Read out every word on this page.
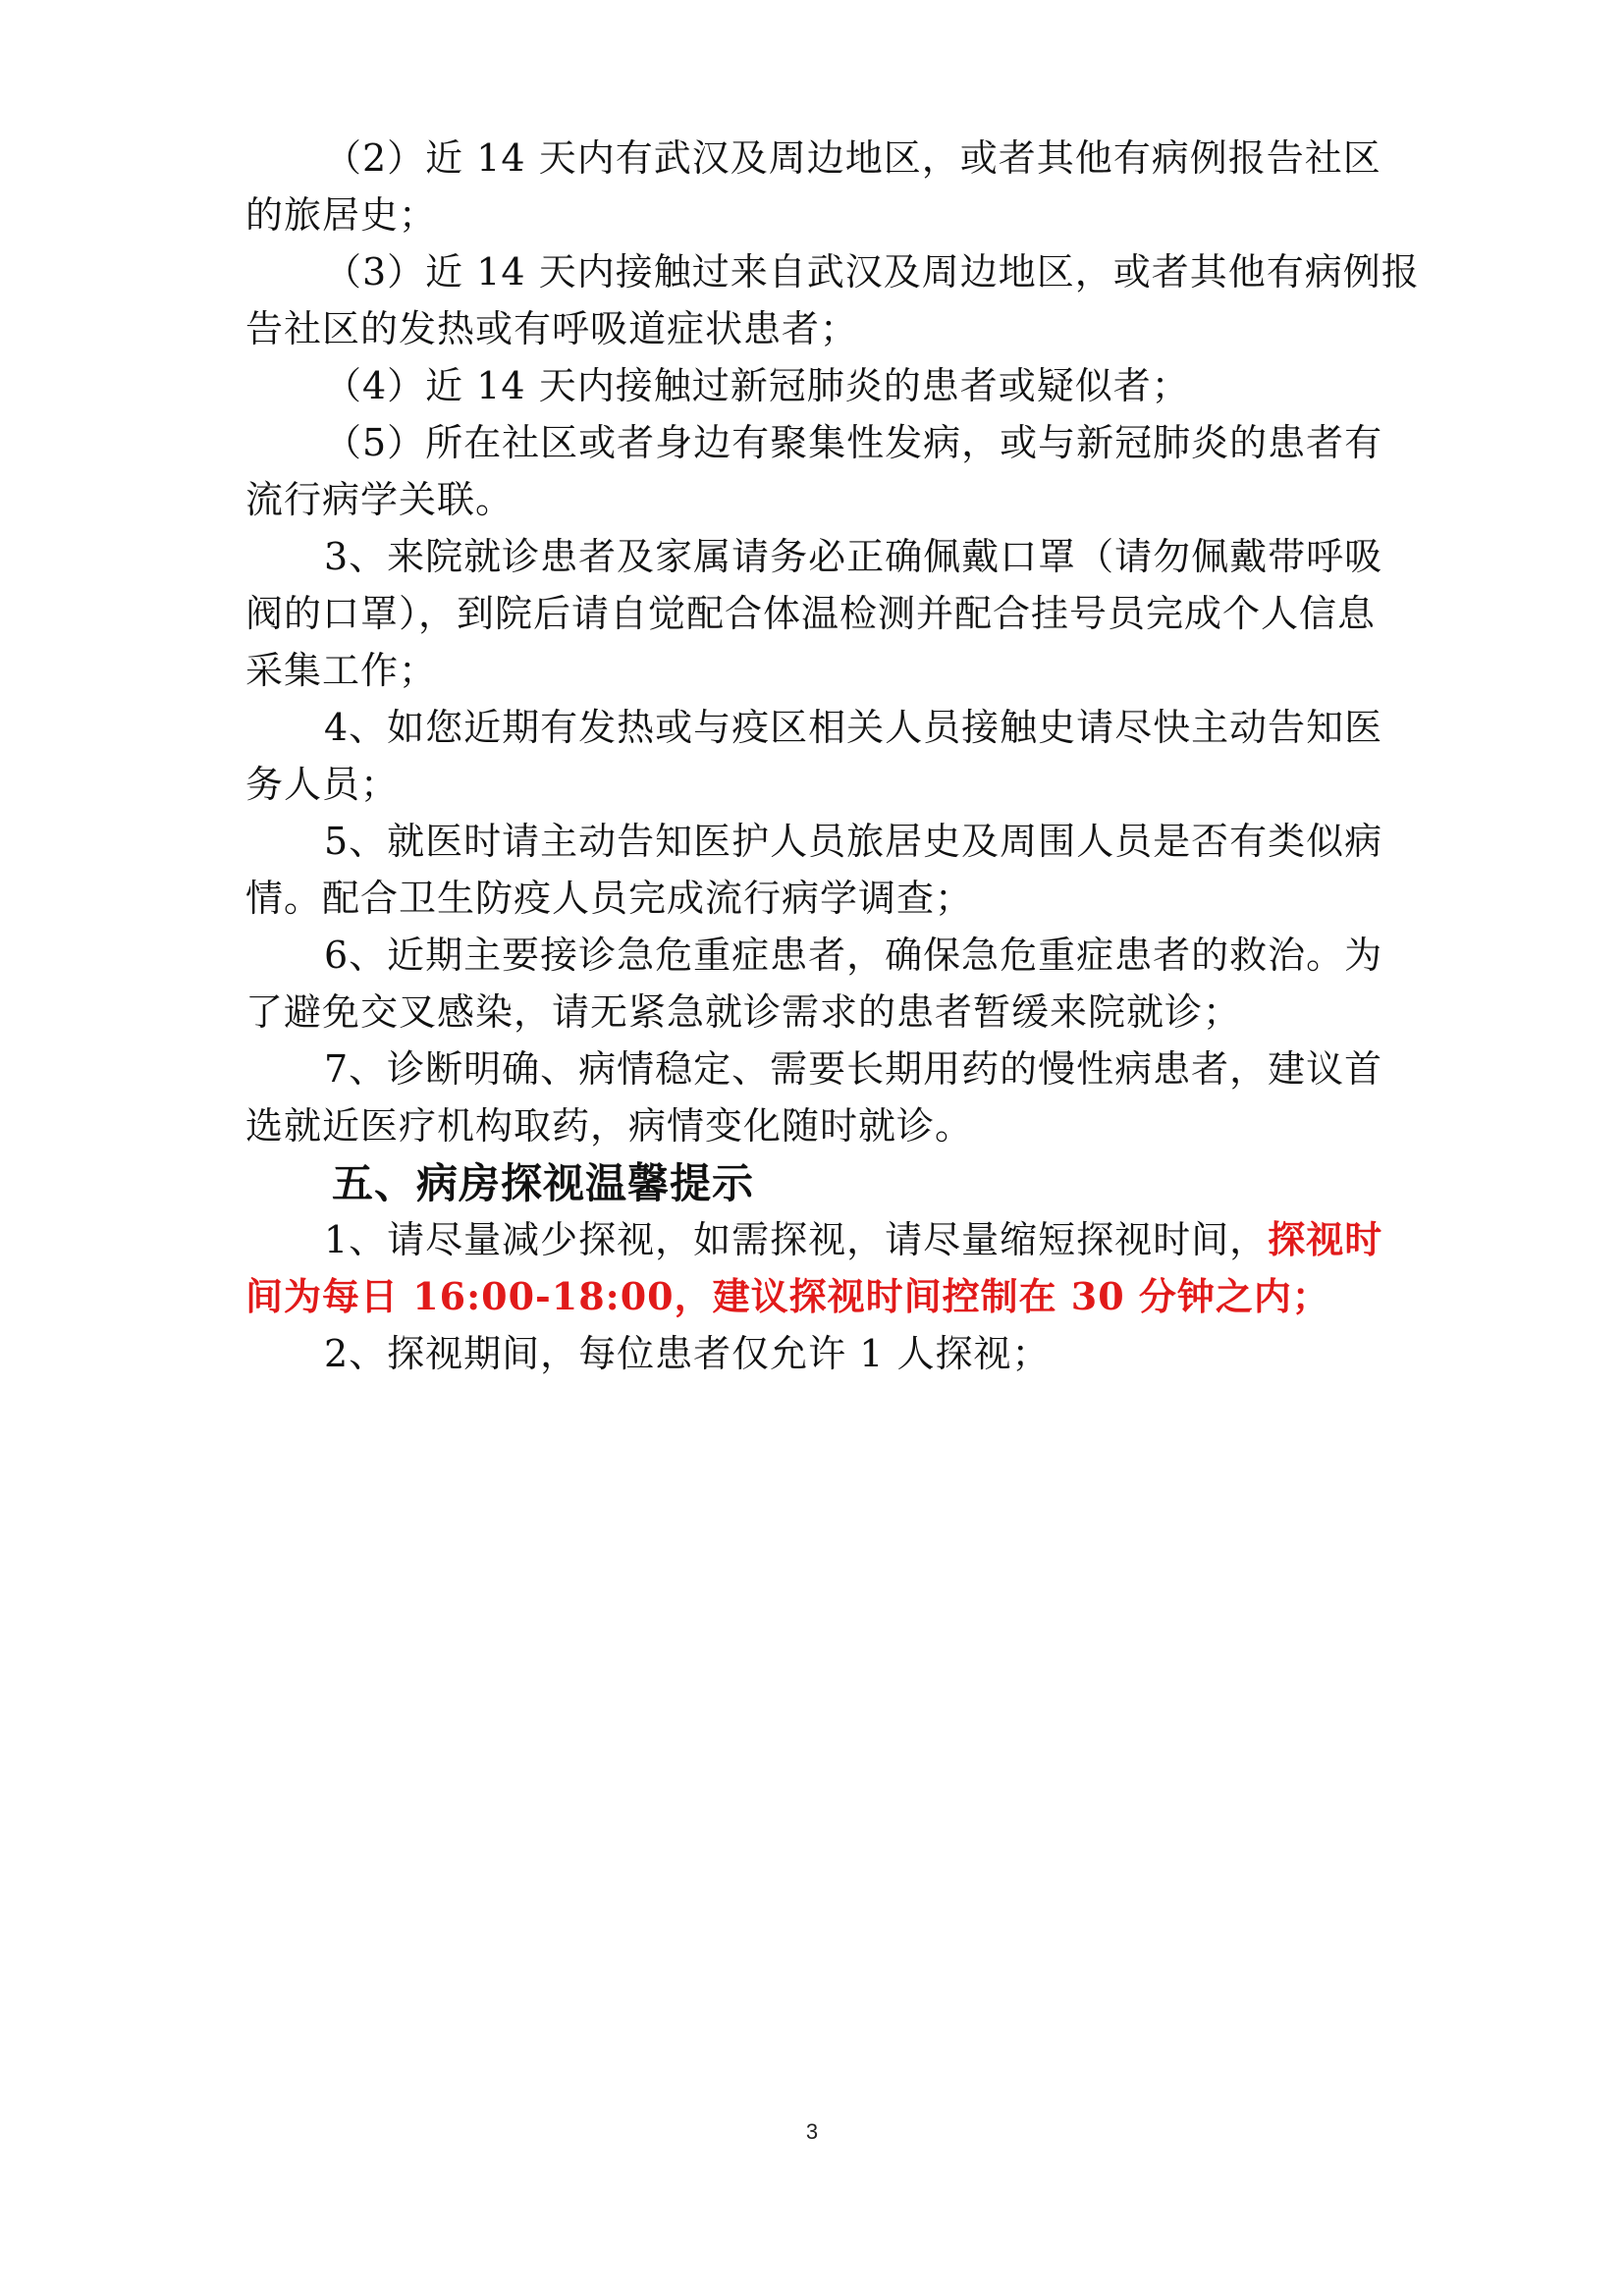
（2）近 14 天内有武汉及周边地区，或者其他有病例报告社区
的旅居史；
（3）近 14 天内接触过来自武汉及周边地区，或者其他有病例报
告社区的发热或有呼吸道症状患者；
（4）近 14 天内接触过新冠肺炎的患者或疑似者；
（5）所在社区或者身边有聚集性发病，或与新冠肺炎的患者有
流行病学关联。
3、来院就诊患者及家属请务必正确佩戴口罩（请勿佩戴带呼吸
阀的口罩），到院后请自觉配合体温检测并配合挂号员完成个人信息
采集工作；
4、如您近期有发热或与疫区相关人员接触史请尽快主动告知医
务人员；
5、就医时请主动告知医护人员旅居史及周围人员是否有类似病
情。配合卫生防疫人员完成流行病学调查；
6、近期主要接诊急危重症患者，确保急危重症患者的救治。为
了避免交叉感染，请无紧急就诊需求的患者暂缓来院就诊；
7、诊断明确、病情稳定、需要长期用药的慢性病患者，建议首
选就近医疗机构取药，病情变化随时就诊。
五、病房探视温馨提示
1、请尽量减少探视，如需探视，请尽量缩短探视时间，探视时
间为每日 16:00-18:00，建议探视时间控制在 30 分钟之内；
2、探视期间，每位患者仅允许 1 人探视；
3
